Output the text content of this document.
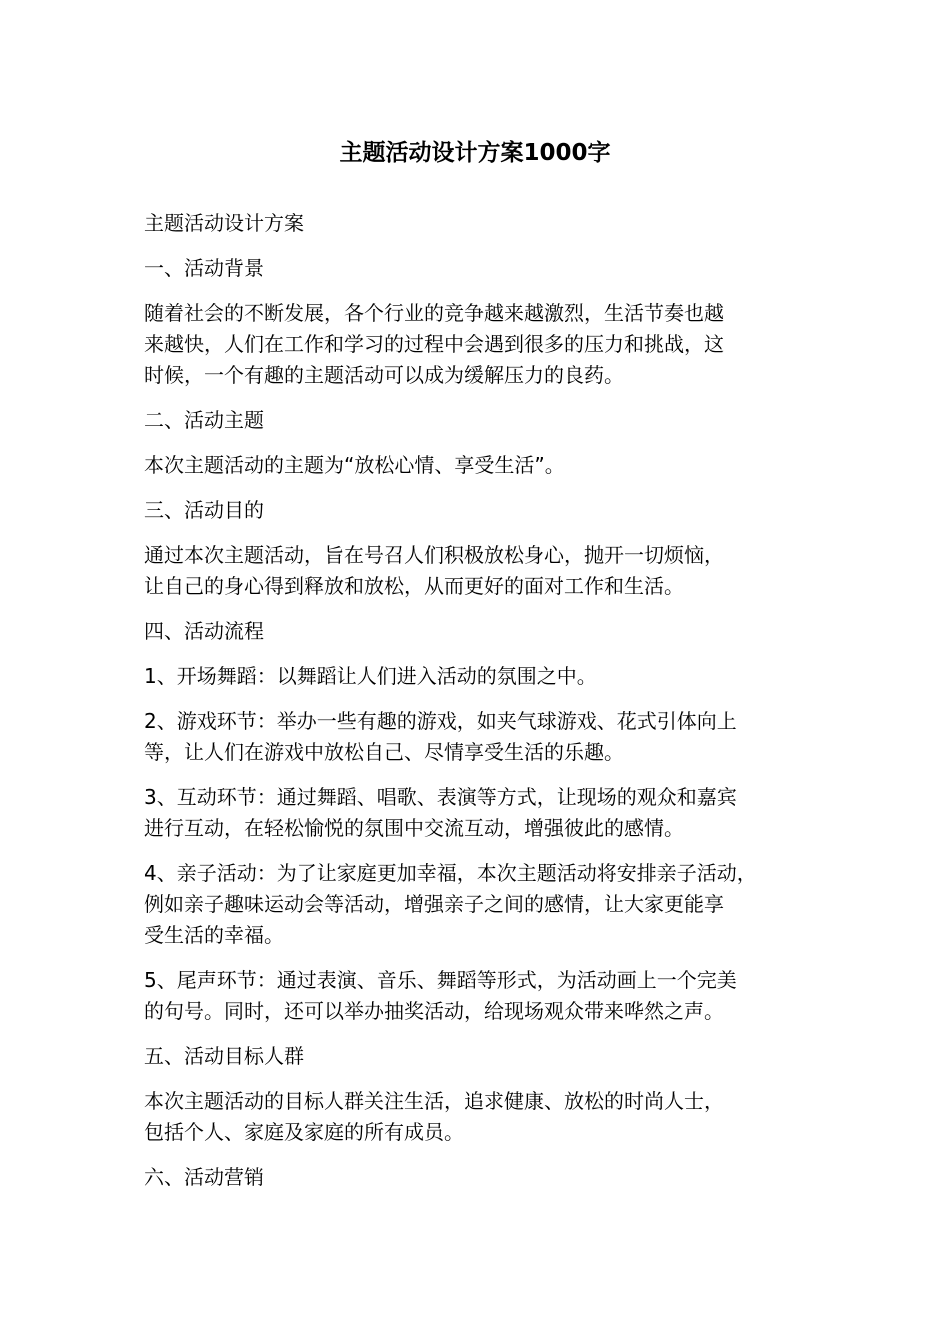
主题活动设计方案1000字

主题活动设计方案

一、活动背景

随着社会的不断发展，各个行业的竞争越来越激烈，生活节奏也越
来越快，人们在工作和学习的过程中会遇到很多的压力和挑战，这
时候，一个有趣的主题活动可以成为缓解压力的良药。

二、活动主题

本次主题活动的主题为“放松心情、享受生活”。

三、活动目的

通过本次主题活动，旨在号召人们积极放松身心，抛开一切烦恼，
让自己的身心得到释放和放松，从而更好的面对工作和生活。

四、活动流程

1、开场舞蹈：以舞蹈让人们进入活动的氛围之中。

2、游戏环节：举办一些有趣的游戏，如夹气球游戏、花式引体向上
等，让人们在游戏中放松自己、尽情享受生活的乐趣。

3、互动环节：通过舞蹈、唱歌、表演等方式，让现场的观众和嘉宾
进行互动，在轻松愉悦的氛围中交流互动，增强彼此的感情。

4、亲子活动：为了让家庭更加幸福，本次主题活动将安排亲子活动，
例如亲子趣味运动会等活动，增强亲子之间的感情，让大家更能享
受生活的幸福。

5、尾声环节：通过表演、音乐、舞蹈等形式，为活动画上一个完美
的句号。同时，还可以举办抽奖活动，给现场观众带来哗然之声。

五、活动目标人群

本次主题活动的目标人群关注生活，追求健康、放松的时尚人士，
包括个人、家庭及家庭的所有成员。

六、活动营销
